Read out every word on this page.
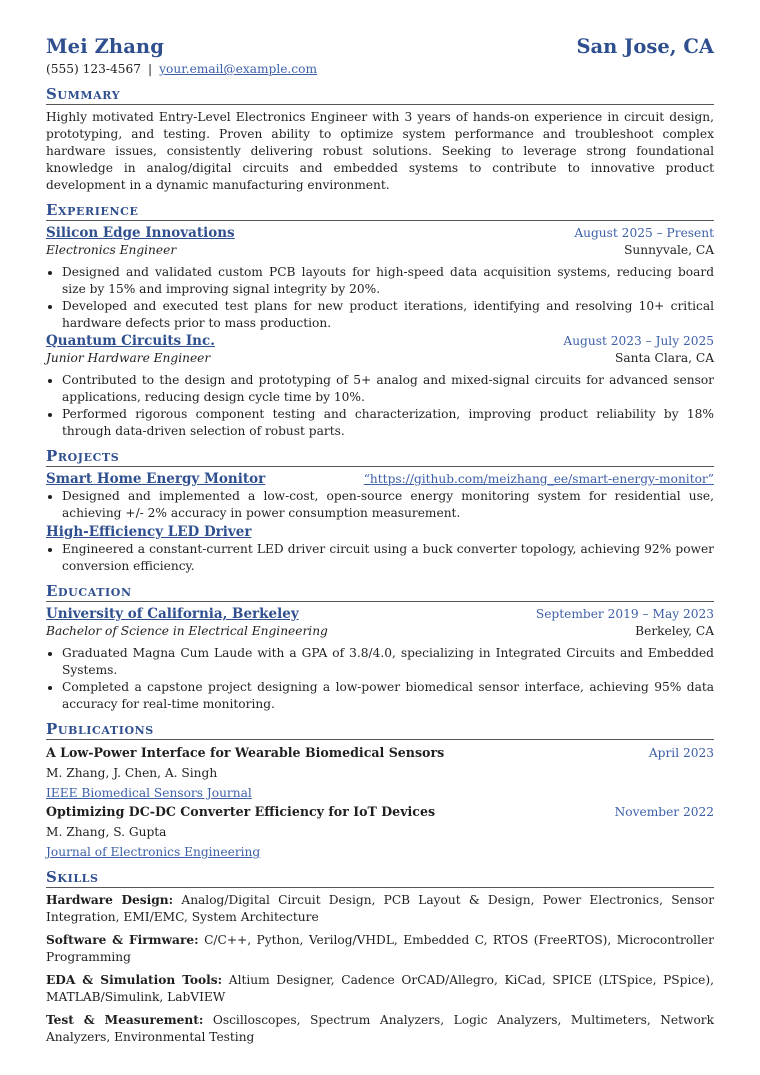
Mei Zhang	San Jose, CA
(555) 123-4567 | your.email@example.com
Summary
Highly motivated Entry-Level Electronics Engineer with 3 years of hands-on experience in circuit design, prototyping, and testing. Proven ability to optimize system performance and troubleshoot complex hardware issues, consistently delivering robust solutions. Seeking to leverage strong foundational knowledge in analog/digital circuits and embedded systems to contribute to innovative product development in a dynamic manufacturing environment.
Experience
Silicon Edge Innovations	August 2025 – Present
Electronics Engineer	Sunnyvale, CA
• Designed and validated custom PCB layouts for high-speed data acquisition systems, reducing board size by 15% and improving signal integrity by 20%.
• Developed and executed test plans for new product iterations, identifying and resolving 10+ critical hardware defects prior to mass production.
Quantum Circuits Inc.	August 2023 – July 2025
Junior Hardware Engineer	Santa Clara, CA
• Contributed to the design and prototyping of 5+ analog and mixed-signal circuits for advanced sensor applications, reducing design cycle time by 10%.
• Performed rigorous component testing and characterization, improving product reliability by 18% through data-driven selection of robust parts.
Projects
Smart Home Energy Monitor	“https://github.com/meizhang_ee/smart-energy-monitor”
• Designed and implemented a low-cost, open-source energy monitoring system for residential use, achieving +/- 2% accuracy in power consumption measurement.
High-Efficiency LED Driver
• Engineered a constant-current LED driver circuit using a buck converter topology, achieving 92% power conversion efficiency.
Education
University of California, Berkeley	September 2019 – May 2023
Bachelor of Science in Electrical Engineering	Berkeley, CA
• Graduated Magna Cum Laude with a GPA of 3.8/4.0, specializing in Integrated Circuits and Embedded Systems.
• Completed a capstone project designing a low-power biomedical sensor interface, achieving 95% data accuracy for real-time monitoring.
Publications
A Low-Power Interface for Wearable Biomedical Sensors	April 2023
M. Zhang, J. Chen, A. Singh
IEEE Biomedical Sensors Journal
Optimizing DC-DC Converter Efficiency for IoT Devices	November 2022
M. Zhang, S. Gupta
Journal of Electronics Engineering
Skills
Hardware Design: Analog/Digital Circuit Design, PCB Layout & Design, Power Electronics, Sensor Integration, EMI/EMC, System Architecture
Software & Firmware: C/C++, Python, Verilog/VHDL, Embedded C, RTOS (FreeRTOS), Microcontroller Programming
EDA & Simulation Tools: Altium Designer, Cadence OrCAD/Allegro, KiCad, SPICE (LTSpice, PSpice), MATLAB/Simulink, LabVIEW
Test & Measurement: Oscilloscopes, Spectrum Analyzers, Logic Analyzers, Multimeters, Network Analyzers, Environmental Testing
